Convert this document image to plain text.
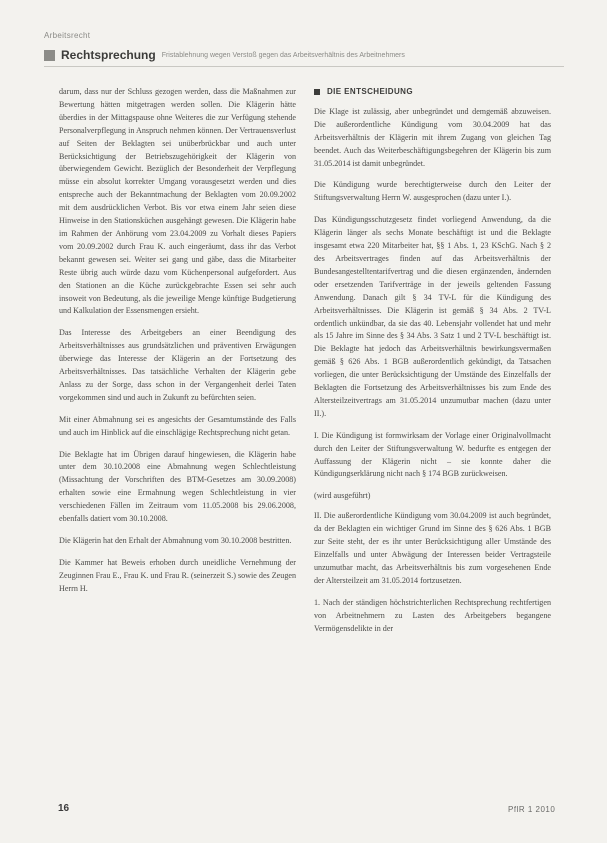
Arbeitsrecht
Rechtsprechung Fristablehnung wegen Verstoß gegen das Arbeitsverhältnis des Arbeitnehmers

darum, dass nur der Schluss gezogen werden, dass die Maßnahmen zur Bewertung hätten mitgetragen werden sollen. Die Klägerin hätte überdies in der Mittagspause ohne Weiteres die zur Verfügung stehende Personalverpflegung in Anspruch nehmen können. Der Vertrauensverlust auf Seiten der Beklagten sei unüberbrückbar und auch unter Berücksichtigung der Betriebszugehörigkeit der Klägerin von überwiegendem Gewicht. Bezüglich der Besonderheit der Verpflegung müsse ein absolut korrekter Umgang vorausgesetzt werden und dies entspreche auch der Bekanntmachung der Beklagten vom 20.09.2002 mit dem ausdrücklichen Verbot. Bis vor etwa einem Jahr seien diese Hinweise in den Stationsküchen ausgehängt gewesen. Die Klägerin habe im Rahmen der Anhörung vom 23.04.2009 zu Vorhalt dieses Papiers vom 20.09.2002 durch Frau K. auch eingeräumt, dass ihr das Verbot bekannt gewesen sei. Weiter sei gang und gäbe, dass die Mitarbeiter Reste übrig auch würde dazu vom Küchenpersonal aufgefordert. Aus den Stationen an die Küche zurückgebrachte Essen sei sehr auch insoweit von Bedeutung, als die jeweilige Menge künftige Budgetierung und Kalkulation der Essensmengen ersieht.

Das Interesse des Arbeitgebers an einer Beendigung des Arbeitsverhältnisses aus grundsätzlichen und präventiven Erwägungen überwiege das Interesse der Klägerin an der Fortsetzung des Arbeitsverhältnisses. Das tatsächliche Verhalten der Klägerin gebe Anlass zu der Sorge, dass schon in der Vergangenheit derlei Taten vorgekommen sind und auch in Zukunft zu befürchten seien.

Mit einer Abmahnung sei es angesichts der Gesamtumstände des Falls und auch im Hinblick auf die einschlägige Rechtsprechung nicht getan.

Die Beklagte hat im Übrigen darauf hingewiesen, die Klägerin habe unter dem 30.10.2008 eine Abmahnung wegen Schlechtleistung (Missachtung der Vorschriften des BTM-Gesetzes am 30.09.2008) erhalten sowie eine Ermahnung wegen Schlechtleistung in vier verschiedenen Fällen im Zeitraum vom 11.05.2008 bis 29.06.2008, ebenfalls datiert vom 30.10.2008.

Die Klägerin hat den Erhalt der Abmahnung vom 30.10.2008 bestritten.

Die Kammer hat Beweis erhoben durch uneidliche Vernehmung der Zeuginnen Frau E., Frau K. und Frau R. (seinerzeit S.) sowie des Zeugen Herrn H.

DIE ENTSCHEIDUNG

Die Klage ist zulässig, aber unbegründet und demgemäß abzuweisen. Die außerordentliche Kündigung vom 30.04.2009 hat das Arbeitsverhältnis der Klägerin mit ihrem Zugang von gleichen Tag beendet. Auch das Weiterbeschäftigungsbegehren der Klägerin bis zum 31.05.2014 ist damit unbegründet.

Die Kündigung wurde berechtigterweise durch den Leiter der Stiftungsverwaltung Herrn W. ausgesprochen (dazu unter I.).

Das Kündigungsschutzgesetz findet vorliegend Anwendung, da die Klägerin länger als sechs Monate beschäftigt ist und die Beklagte insgesamt etwa 220 Mitarbeiter hat, §§ 1 Abs. 1, 23 KSchG. Nach § 2 des Arbeitsvertrages finden auf das Arbeitsverhältnis der Bundesangestelltentarifvertrag und die diesen ergänzenden, ändernden oder ersetzenden Tarifverträge in der jeweils geltenden Fassung Anwendung. Danach gilt § 34 TV-L für die Kündigung des Arbeitsverhältnisses. Die Klägerin ist gemäß § 34 Abs. 2 TV-L ordentlich unkündbar, da sie das 40. Lebensjahr vollendet hat und mehr als 15 Jahre im Sinne des § 34 Abs. 3 Satz 1 und 2 TV-L beschäftigt ist. Die Beklagte hat jedoch das Arbeitsverhältnis bewirkungsvermaßen gemäß § 626 Abs. 1 BGB außerordentlich gekündigt, da Tatsachen vorliegen, die unter Berücksichtigung der Umstände des Einzelfalls der Beklagten die Fortsetzung des Arbeitsverhältnisses bis zum Ende des Altersteilzeitvertrags am 31.05.2014 unzumutbar machen (dazu unter II.).

I. Die Kündigung ist formwirksam der Vorlage einer Originalvollmacht durch den Leiter der Stiftungsverwaltung W. bedurfte es entgegen der Auffassung der Klägerin nicht – sie konnte daher die Kündigungserklärung nicht nach § 174 BGB zurückweisen.

(wird ausgeführt)

II. Die außerordentliche Kündigung vom 30.04.2009 ist auch begründet, da der Beklagten ein wichtiger Grund im Sinne des § 626 Abs. 1 BGB zur Seite steht, der es ihr unter Berücksichtigung aller Umstände des Einzelfalls und unter Abwägung der Interessen beider Vertragsteile unzumutbar macht, das Arbeitsverhältnis bis zum vorgesehenen Ende der Altersteilzeit am 31.05.2014 fortzusetzen.

1. Nach der ständigen höchstrichterlichen Rechtsprechung rechtfertigen von Arbeitnehmern zu Lasten des Arbeitgebers begangene Vermögensdelikte in der

16	PflR 1 2010
